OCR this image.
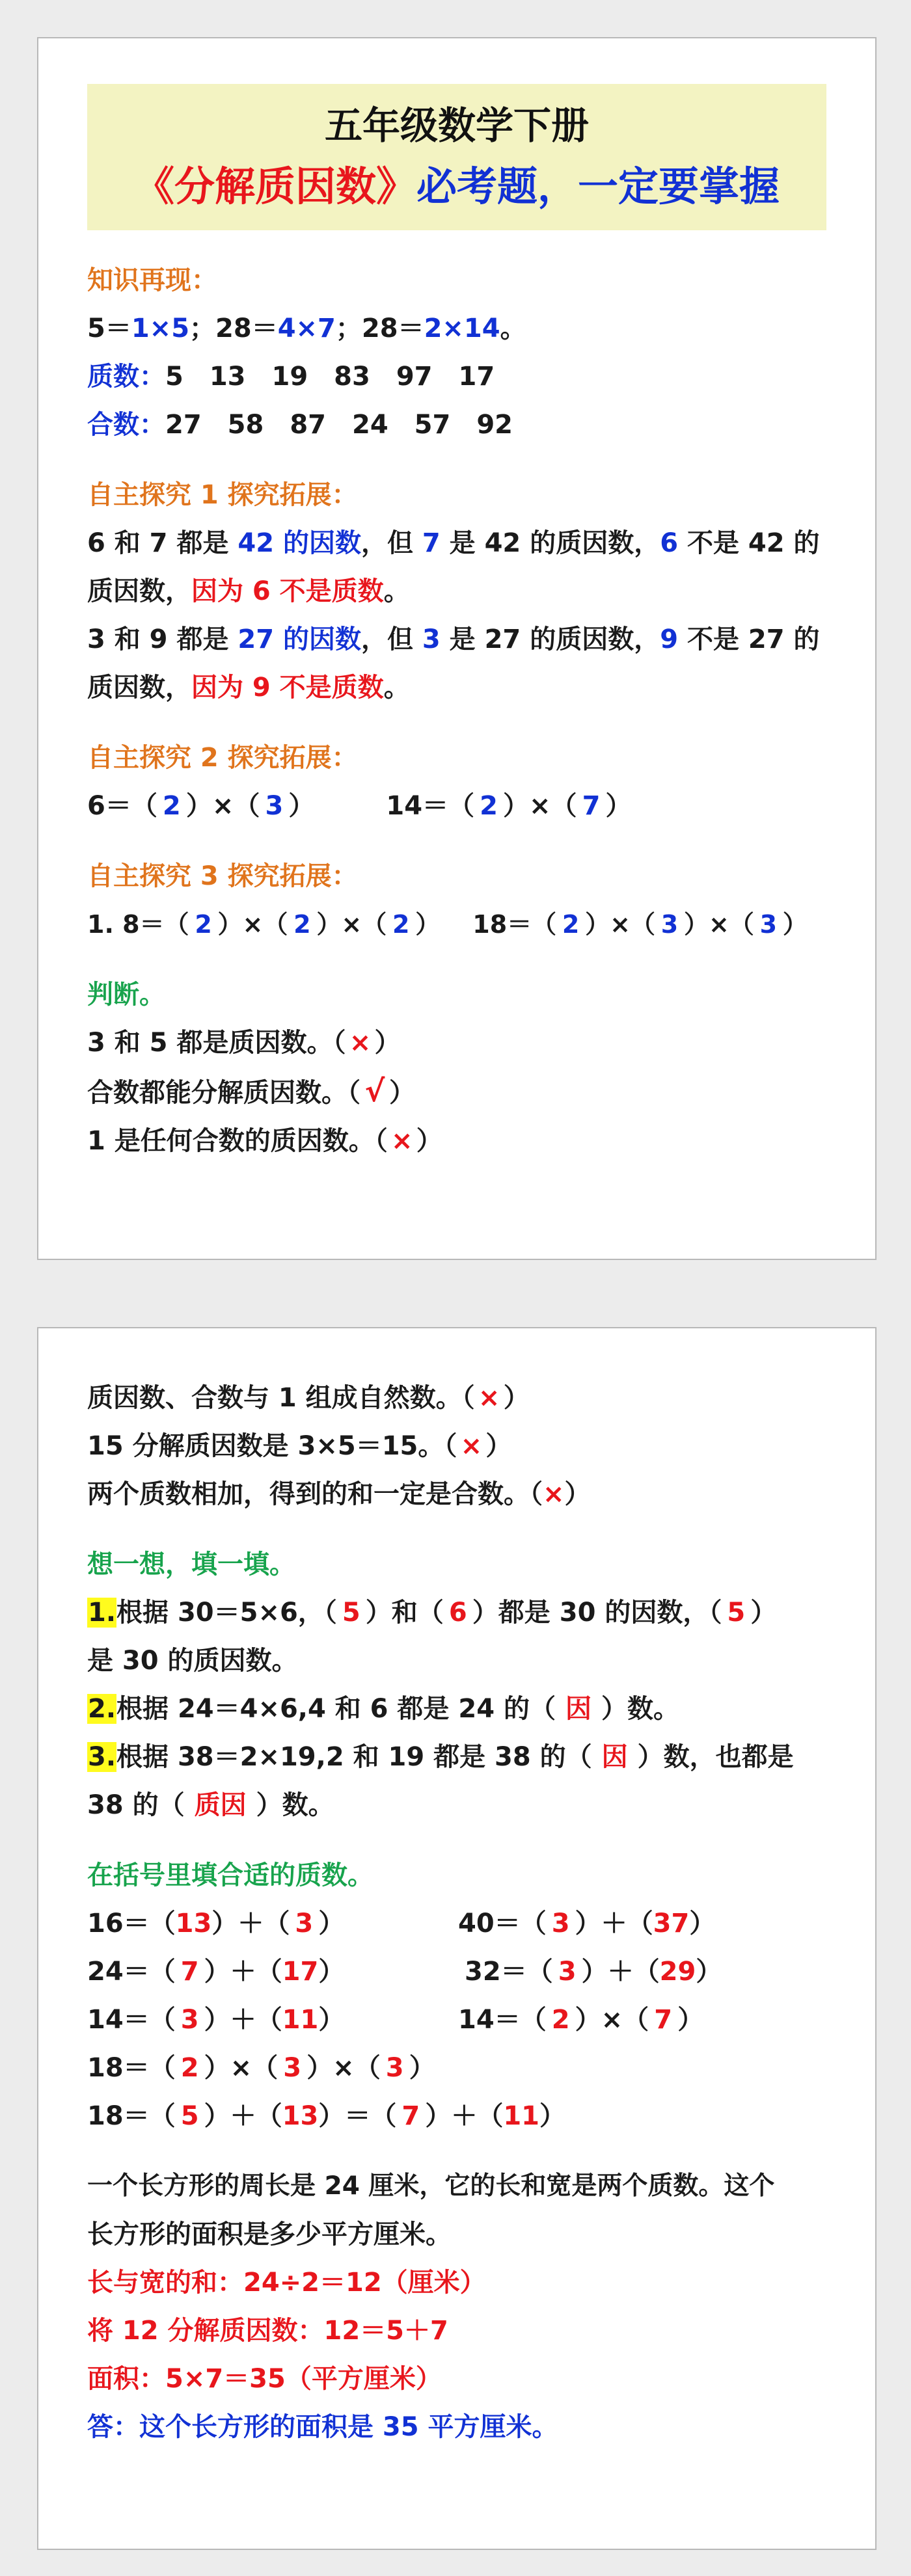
五年级数学下册
《分解质因数》必考题，一定要掌握
知识再现：
5＝1×5；28＝4×7；28＝2×14。
质数：5　13　19　83　97　17
合数：27　58　87　24　57　92
自主探究 1 探究拓展：
6 和 7 都是 42 的因数，但 7 是 42 的质因数，6 不是 42 的
质因数，因为 6 不是质数。
3 和 9 都是 27 的因数，但 3 是 27 的质因数，9 不是 27 的
质因数，因为 9 不是质数。
自主探究 2 探究拓展：
6＝（ 2 ）×（ 3 ）	14＝（ 2 ）×（ 7 ）
自主探究 3 探究拓展：
1. 8＝（ 2 ）×（ 2 ）×（ 2 ） 18＝（ 2 ）×（ 3 ）×（ 3 ）
判断。
3 和 5 都是质因数。（ × ）
合数都能分解质因数。（ √ ）
1 是任何合数的质因数。（ × ）
质因数、合数与 1 组成自然数。（ × ）
15 分解质因数是 3×5＝15。（ × ）
两个质数相加，得到的和一定是合数。（×）
想一想，填一填。
1.根据 30＝5×6，（ 5 ）和（ 6 ）都是 30 的因数，（ 5 ）
是 30 的质因数。
2.根据 24＝4×6,4 和 6 都是 24 的（ 因 ）数。
3.根据 38＝2×19,2 和 19 都是 38 的（ 因 ）数，也都是
38 的（ 质因 ）数。
在括号里填合适的质数。
16＝（13）＋（ 3 ）	40＝（ 3 ）＋（37）
24＝（ 7 ）＋（17）	32＝（ 3 ）＋（29）
14＝（ 3 ）＋（11）	14＝（ 2 ）×（ 7 ）
18＝（ 2 ）×（ 3 ）×（ 3 ）
18＝（ 5 ）＋（13）＝（ 7 ）＋（11）
一个长方形的周长是 24 厘米，它的长和宽是两个质数。这个
长方形的面积是多少平方厘米。
长与宽的和：24÷2＝12（厘米）
将 12 分解质因数：12＝5＋7
面积：5×7＝35（平方厘米）
答：这个长方形的面积是 35 平方厘米。
